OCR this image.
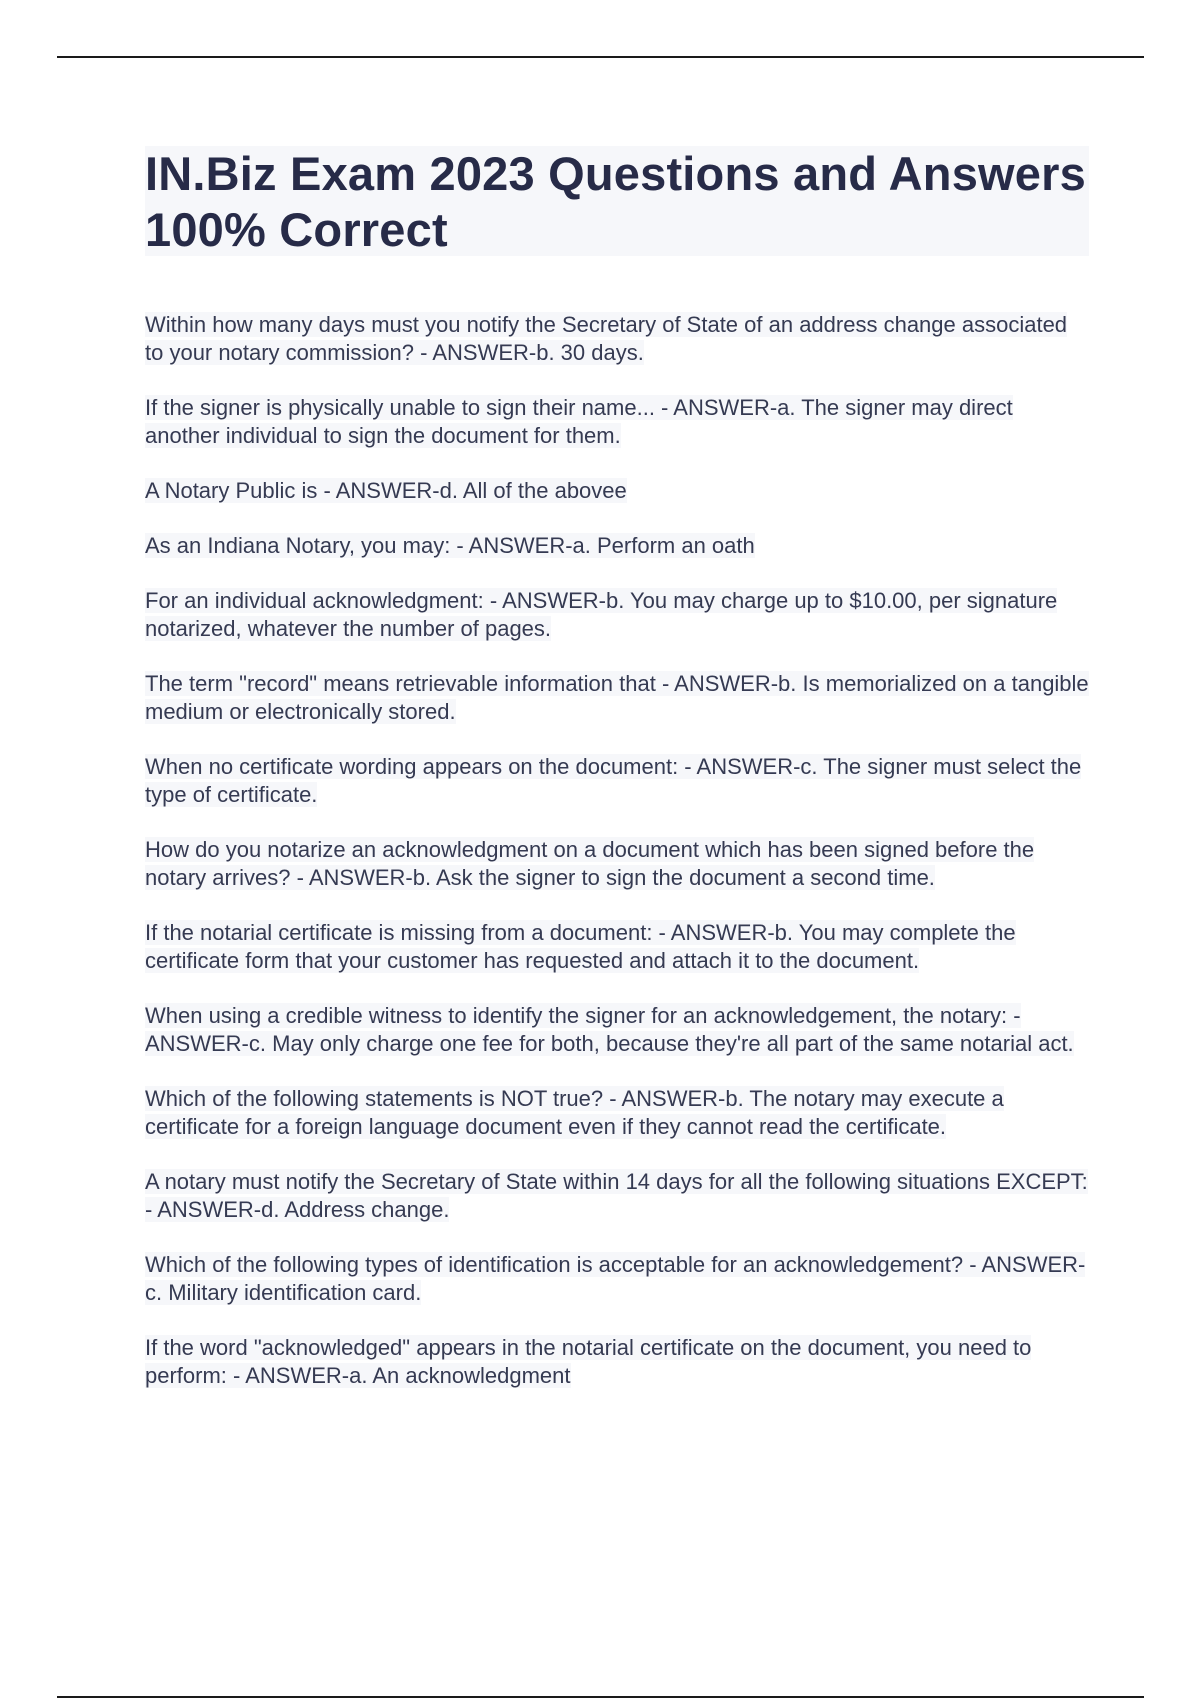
IN.Biz Exam 2023 Questions and Answers 100% Correct
Within how many days must you notify the Secretary of State of an address change associated to your notary commission? - ANSWER-b. 30 days.
If the signer is physically unable to sign their name... - ANSWER-a. The signer may direct another individual to sign the document for them.
A Notary Public is - ANSWER-d. All of the abovee
As an Indiana Notary, you may: - ANSWER-a. Perform an oath
For an individual acknowledgment: - ANSWER-b. You may charge up to $10.00, per signature notarized, whatever the number of pages.
The term "record" means retrievable information that - ANSWER-b. Is memorialized on a tangible medium or electronically stored.
When no certificate wording appears on the document: - ANSWER-c. The signer must select the type of certificate.
How do you notarize an acknowledgment on a document which has been signed before the notary arrives? - ANSWER-b. Ask the signer to sign the document a second time.
If the notarial certificate is missing from a document: - ANSWER-b. You may complete the certificate form that your customer has requested and attach it to the document.
When using a credible witness to identify the signer for an acknowledgement, the notary: - ANSWER-c. May only charge one fee for both, because they're all part of the same notarial act.
Which of the following statements is NOT true? - ANSWER-b. The notary may execute a certificate for a foreign language document even if they cannot read the certificate.
A notary must notify the Secretary of State within 14 days for all the following situations EXCEPT: - ANSWER-d. Address change.
Which of the following types of identification is acceptable for an acknowledgement? - ANSWER-c. Military identification card.
If the word "acknowledged" appears in the notarial certificate on the document, you need to perform: - ANSWER-a. An acknowledgment
